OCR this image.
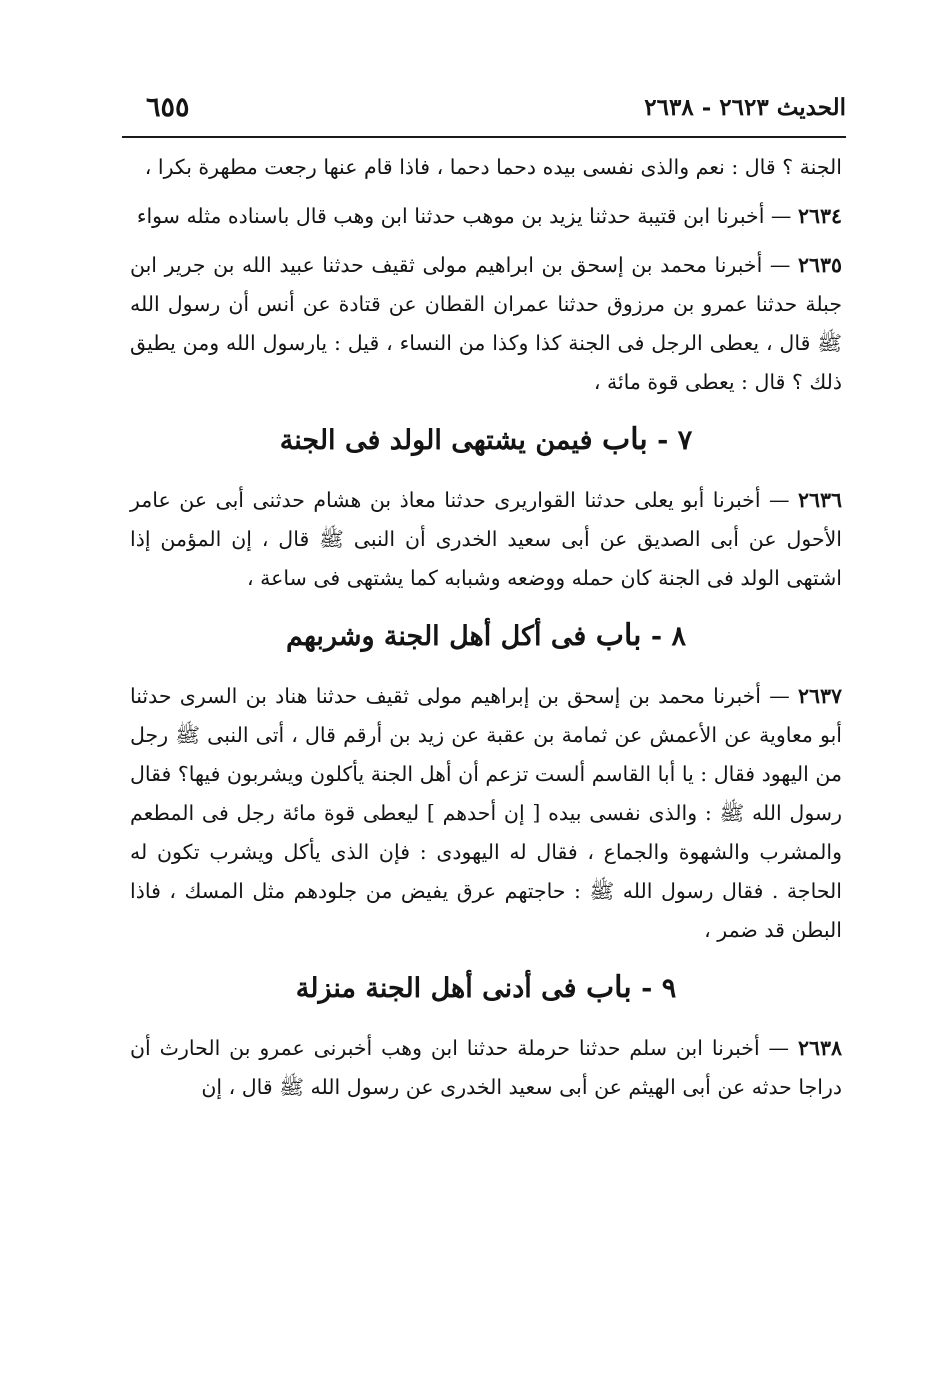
الحديث ٢٦٢٣ - ٢٦٣٨
٦٥٥

الجنة ؟ قال : نعم والذى نفسى بيده دحما دحما ، فاذا قام عنها رجعت مطهرة بكرا ،

٢٦٣٤ — أخبرنا ابن قتيبة حدثنا يزيد بن موهب حدثنا ابن وهب قال باسناده مثله سواء

٢٦٣٥ — أخبرنا محمد بن إسحق بن ابراهيم مولى ثقيف حدثنا عبيد الله بن جرير ابن جبلة حدثنا عمرو بن مرزوق حدثنا عمران القطان عن قتادة عن أنس أن رسول الله ﷺ قال ، يعطى الرجل فى الجنة كذا وكذا من النساء ، قيل : يارسول الله ومن يطيق ذلك ؟ قال : يعطى قوة مائة ،

٧ - باب فيمن يشتهى الولد فى الجنة

٢٦٣٦ — أخبرنا أبو يعلى حدثنا القواريرى حدثنا معاذ بن هشام حدثنى أبى عن عامر الأحول عن أبى الصديق عن أبى سعيد الخدرى أن النبى ﷺ قال ، إن المؤمن إذا اشتهى الولد فى الجنة كان حمله ووضعه وشبابه كما يشتهى فى ساعة ،

٨ - باب فى أكل أهل الجنة وشربهم

٢٦٣٧ — أخبرنا محمد بن إسحق بن إبراهيم مولى ثقيف حدثنا هناد بن السرى حدثنا أبو معاوية عن الأعمش عن ثمامة بن عقبة عن زيد بن أرقم قال ، أتى النبى ﷺ رجل من اليهود فقال : يا أبا القاسم ألست تزعم أن أهل الجنة يأكلون ويشربون فيها؟ فقال رسول الله ﷺ : والذى نفسى بيده [ إن أحدهم ] ليعطى قوة مائة رجل فى المطعم والمشرب والشهوة والجماع ، فقال له اليهودى : فإن الذى يأكل ويشرب تكون له الحاجة . فقال رسول الله ﷺ : حاجتهم عرق يفيض من جلودهم مثل المسك ، فاذا البطن قد ضمر ،

٩ - باب فى أدنى أهل الجنة منزلة

٢٦٣٨ — أخبرنا ابن سلم حدثنا حرملة حدثنا ابن وهب أخبرنى عمرو بن الحارث أن دراجا حدثه عن أبى الهيثم عن أبى سعيد الخدرى عن رسول الله ﷺ قال ، إن
